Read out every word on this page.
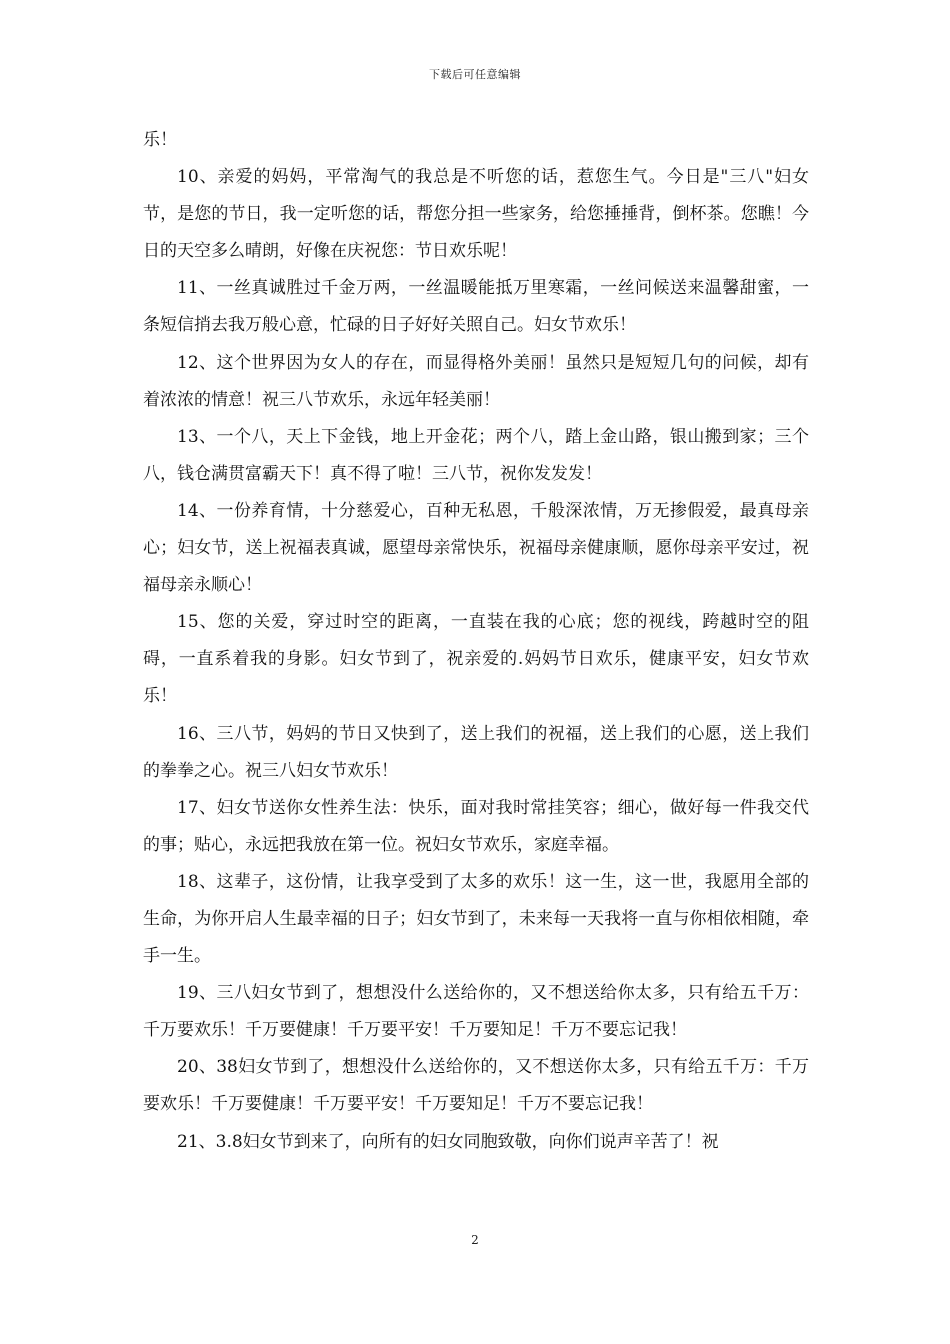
下载后可任意编辑

乐！

10、亲爱的妈妈，平常淘气的我总是不听您的话，惹您生气。今日是"三八"妇女节，是您的节日，我一定听您的话，帮您分担一些家务，给您捶捶背，倒杯茶。您瞧！今日的天空多么晴朗，好像在庆祝您：节日欢乐呢！

11、一丝真诚胜过千金万两，一丝温暖能抵万里寒霜，一丝问候送来温馨甜蜜，一条短信捎去我万般心意，忙碌的日子好好关照自己。妇女节欢乐！

12、这个世界因为女人的存在，而显得格外美丽！虽然只是短短几句的问候，却有着浓浓的情意！祝三八节欢乐，永远年轻美丽！

13、一个八，天上下金钱，地上开金花；两个八，踏上金山路，银山搬到家；三个八，钱仓满贯富霸天下！真不得了啦！三八节，祝你发发发！

14、一份养育情，十分慈爱心，百种无私恩，千般深浓情，万无掺假爱，最真母亲心；妇女节，送上祝福表真诚，愿望母亲常快乐，祝福母亲健康顺，愿你母亲平安过，祝福母亲永顺心！

15、您的关爱，穿过时空的距离，一直装在我的心底；您的视线，跨越时空的阻碍，一直系着我的身影。妇女节到了，祝亲爱的.妈妈节日欢乐，健康平安，妇女节欢乐！

16、三八节，妈妈的节日又快到了，送上我们的祝福，送上我们的心愿，送上我们的拳拳之心。祝三八妇女节欢乐！

17、妇女节送你女性养生法：快乐，面对我时常挂笑容；细心，做好每一件我交代的事；贴心，永远把我放在第一位。祝妇女节欢乐，家庭幸福。

18、这辈子，这份情，让我享受到了太多的欢乐！这一生，这一世，我愿用全部的生命，为你开启人生最幸福的日子；妇女节到了，未来每一天我将一直与你相依相随，牵手一生。

19、三八妇女节到了，想想没什么送给你的，又不想送给你太多，只有给五千万：千万要欢乐！千万要健康！千万要平安！千万要知足！千万不要忘记我！

20、38妇女节到了，想想没什么送给你的，又不想送你太多，只有给五千万：千万要欢乐！千万要健康！千万要平安！千万要知足！千万不要忘记我！

21、3.8妇女节到来了，向所有的妇女同胞致敬，向你们说声辛苦了！祝

2
